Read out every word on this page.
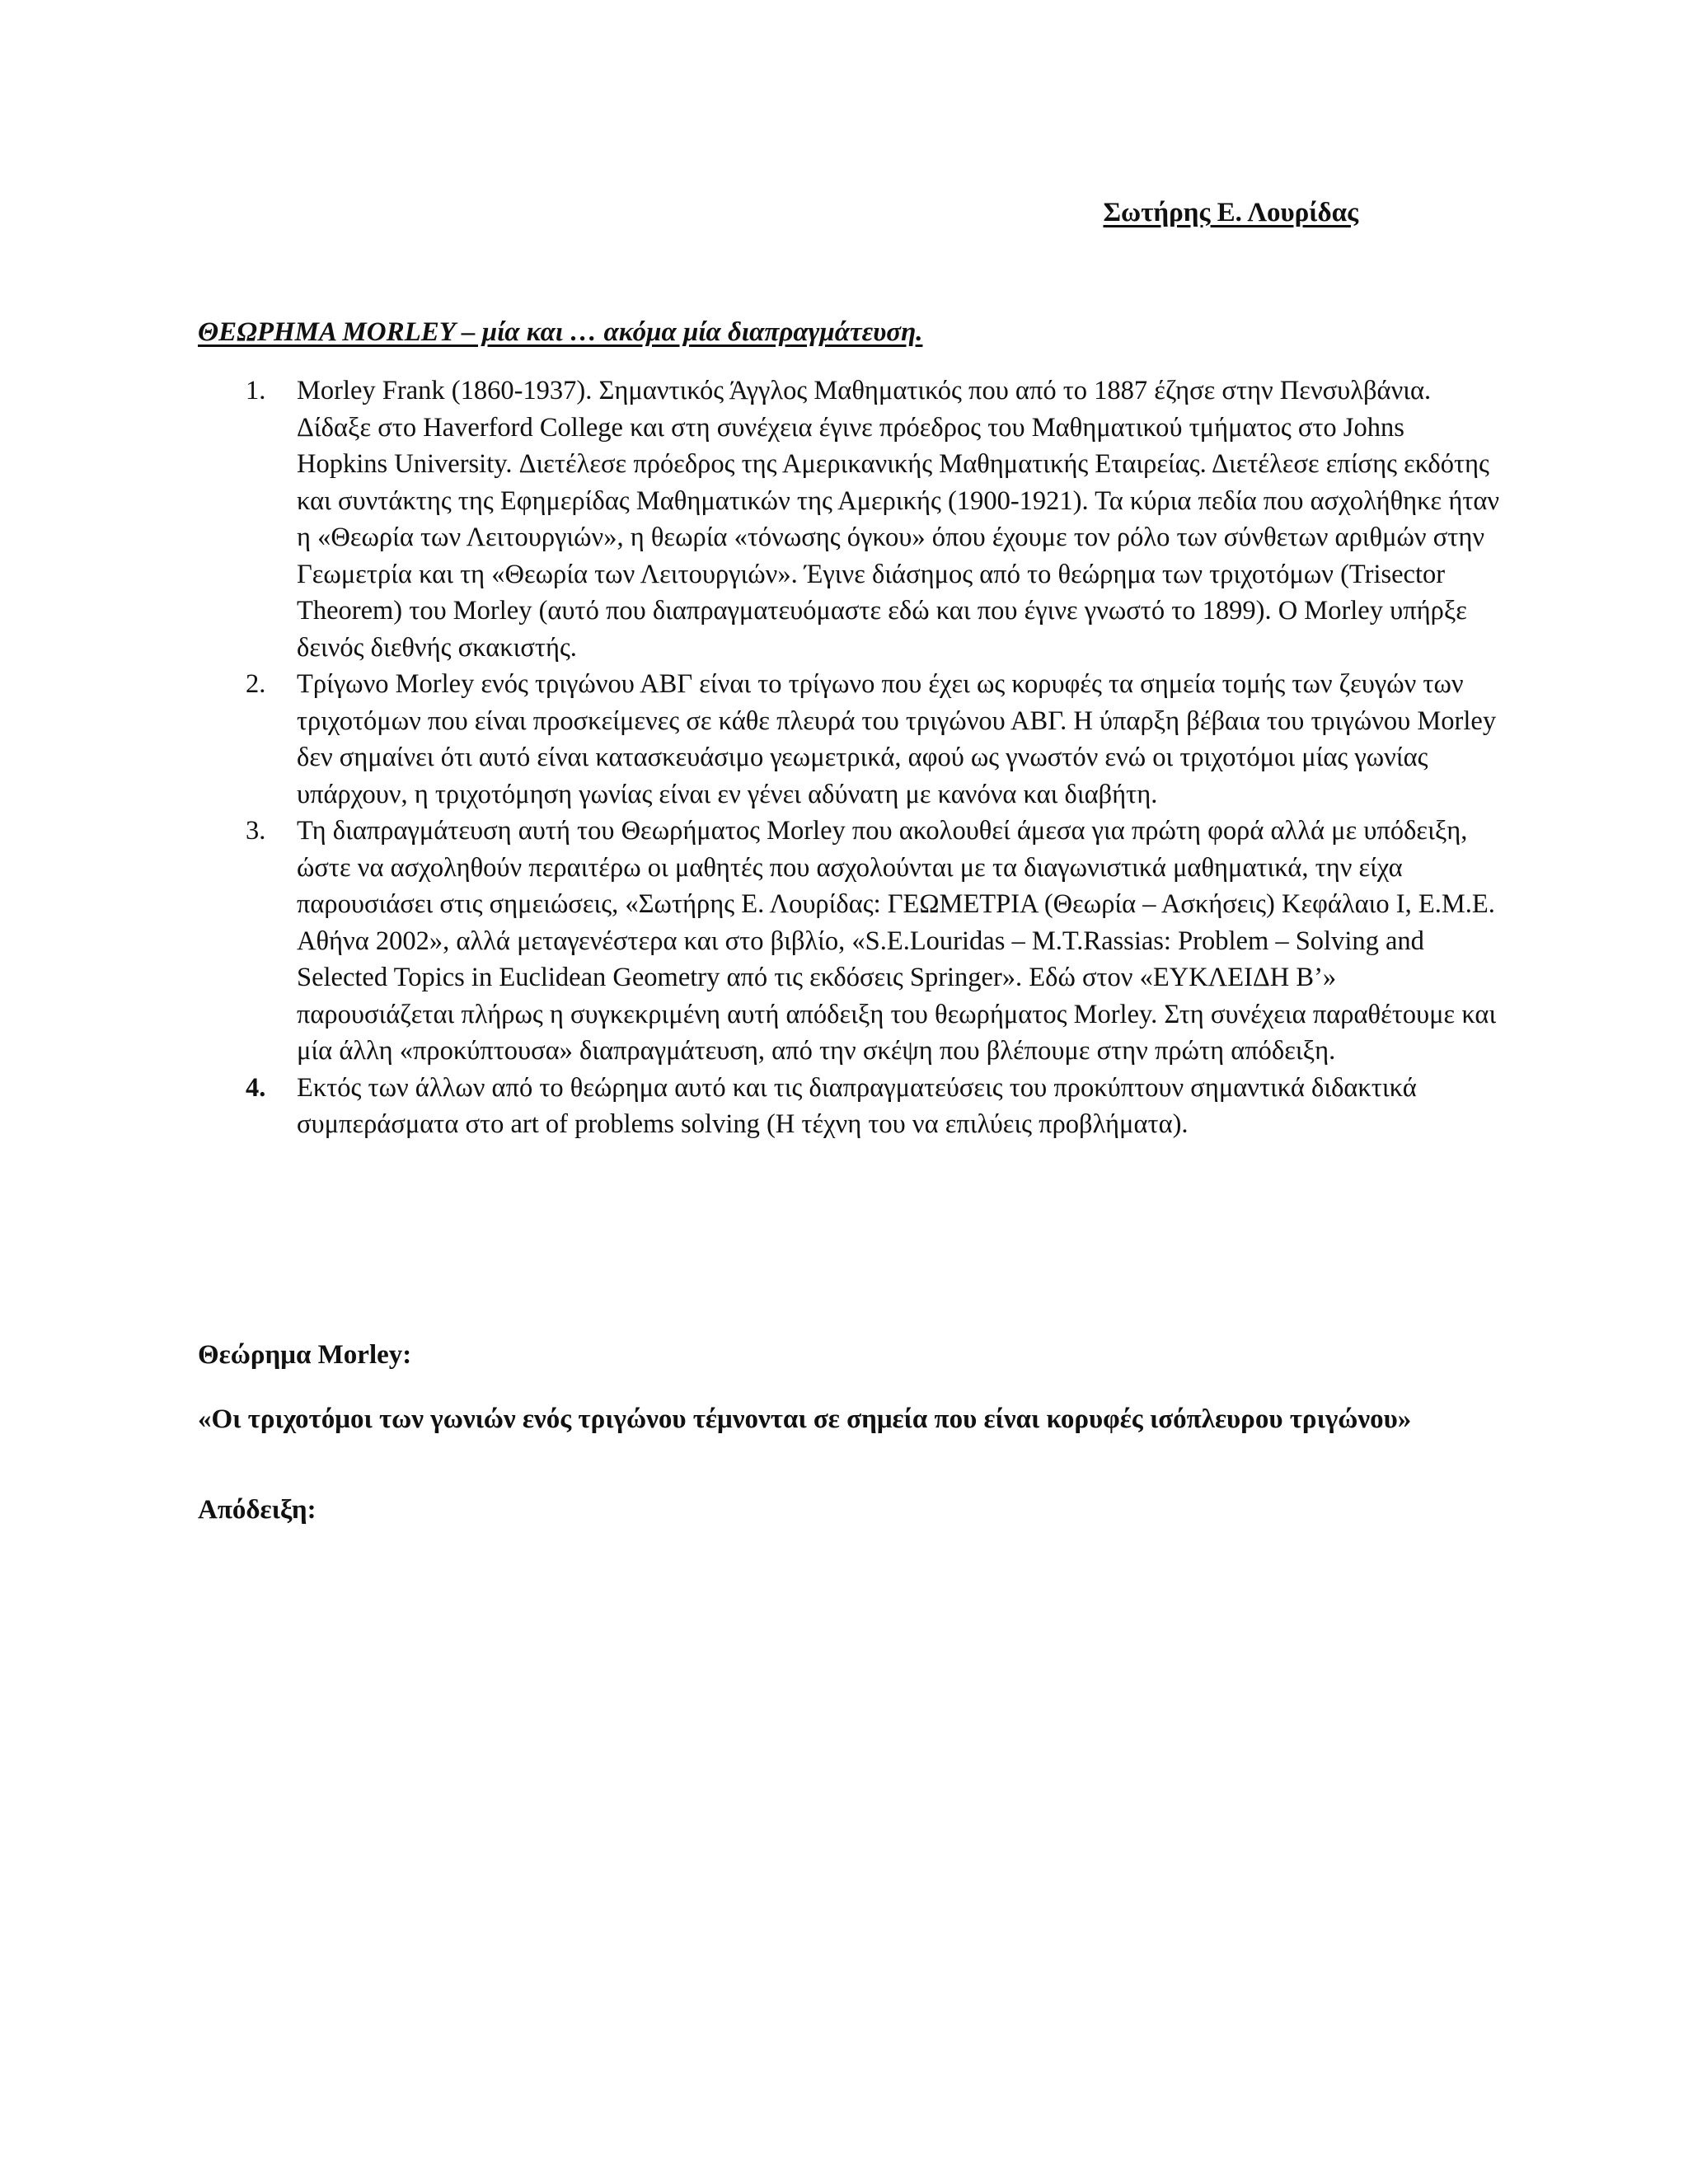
Σωτήρης Ε. Λουρίδας
ΘΕΩΡΗΜΑ MORLEY – μία και … ακόμα μία διαπραγμάτευση.
1. Morley Frank (1860-1937). Σημαντικός Άγγλος Μαθηματικός που από το 1887 έζησε στην Πενσυλβάνια. Δίδαξε στο Haverford College και στη συνέχεια έγινε πρόεδρος του Μαθηματικού τμήματος στο Johns Hopkins University. Διετέλεσε πρόεδρος της Αμερικανικής Μαθηματικής Εταιρείας. Διετέλεσε επίσης εκδότης και συντάκτης της Εφημερίδας Μαθηματικών της Αμερικής (1900-1921). Τα κύρια πεδία που ασχολήθηκε ήταν η «Θεωρία των Λειτουργιών», η θεωρία «τόνωσης όγκου» όπου έχουμε τον ρόλο των σύνθετων αριθμών στην Γεωμετρία και τη «Θεωρία των Λειτουργιών». Έγινε διάσημος από το θεώρημα των τριχοτόμων (Trisector Theorem) του Morley (αυτό που διαπραγματευόμαστε εδώ και που έγινε γνωστό το 1899). Ο Morley υπήρξε δεινός διεθνής σκακιστής.
2. Τρίγωνο Morley ενός τριγώνου ΑΒΓ είναι το τρίγωνο που έχει ως κορυφές τα σημεία τομής των ζευγών των τριχοτόμων που είναι προσκείμενες σε κάθε πλευρά του τριγώνου ΑΒΓ. Η ύπαρξη βέβαια του τριγώνου Morley δεν σημαίνει ότι αυτό είναι κατασκευάσιμο γεωμετρικά, αφού ως γνωστόν ενώ οι τριχοτόμοι μίας γωνίας υπάρχουν, η τριχοτόμηση γωνίας είναι εν γένει αδύνατη με κανόνα και διαβήτη.
3. Τη διαπραγμάτευση αυτή του Θεωρήματος Morley που ακολουθεί άμεσα για πρώτη φορά αλλά με υπόδειξη, ώστε να ασχοληθούν περαιτέρω οι μαθητές που ασχολούνται με τα διαγωνιστικά μαθηματικά, την είχα παρουσιάσει στις σημειώσεις, «Σωτήρης Ε. Λουρίδας: ΓΕΩΜΕΤΡΙΑ (Θεωρία – Ασκήσεις) Κεφάλαιο Ι, Ε.Μ.Ε. Αθήνα 2002», αλλά μεταγενέστερα και στο βιβλίο, «S.E.Louridas – M.T.Rassias: Problem – Solving and Selected Topics in Euclidean Geometry από τις εκδόσεις Springer». Εδώ στον «ΕΥΚΛΕΙΔΗ Β’» παρουσιάζεται πλήρως η συγκεκριμένη αυτή απόδειξη του θεωρήματος Morley. Στη συνέχεια παραθέτουμε και μία άλλη «προκύπτουσα» διαπραγμάτευση, από την σκέψη που βλέπουμε στην πρώτη απόδειξη.
4. Εκτός των άλλων από το θεώρημα αυτό και τις διαπραγματεύσεις του προκύπτουν σημαντικά διδακτικά συμπεράσματα στο art of problems solving (Η τέχνη του να επιλύεις προβλήματα).
Θεώρημα Morley:
«Οι τριχοτόμοι των γωνιών ενός τριγώνου τέμνονται σε σημεία που είναι κορυφές ισόπλευρου τριγώνου»
Απόδειξη:
